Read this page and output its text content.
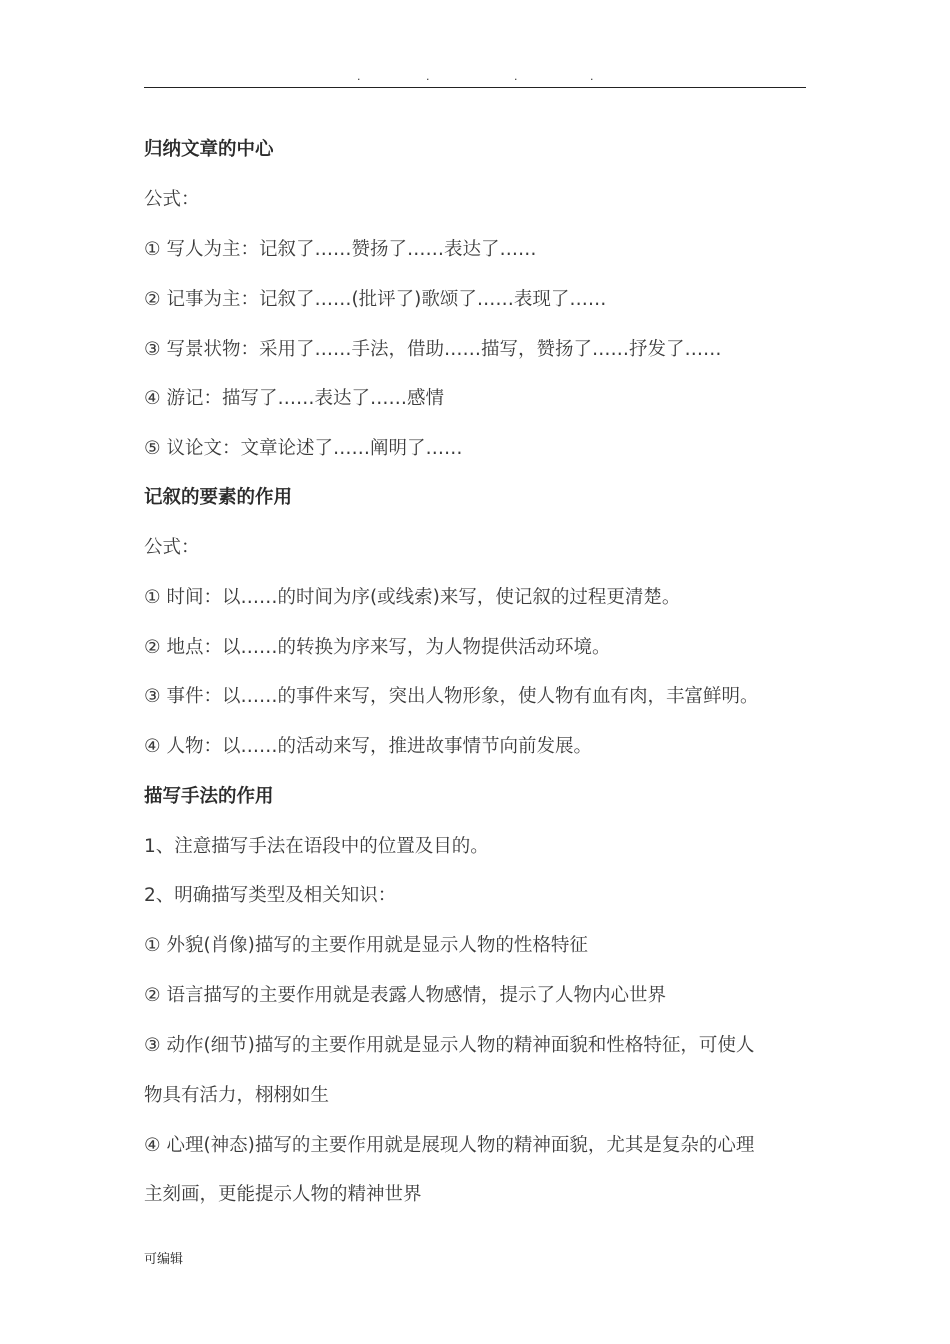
.	.	.	.
归纳文章的中心
公式：
① 写人为主：记叙了……赞扬了……表达了……
② 记事为主：记叙了……(批评了)歌颂了……表现了……
③ 写景状物：采用了……手法，借助……描写，赞扬了……抒发了……
④ 游记：描写了……表达了……感情
⑤ 议论文：文章论述了……阐明了……
记叙的要素的作用
公式：
① 时间：以……的时间为序(或线索)来写，使记叙的过程更清楚。
② 地点：以……的转换为序来写，为人物提供活动环境。
③ 事件：以……的事件来写，突出人物形象，使人物有血有肉，丰富鲜明。
④ 人物：以……的活动来写，推进故事情节向前发展。
描写手法的作用
1、注意描写手法在语段中的位置及目的。
2、明确描写类型及相关知识：
① 外貌(肖像)描写的主要作用就是显示人物的性格特征
② 语言描写的主要作用就是表露人物感情，提示了人物内心世界
③ 动作(细节)描写的主要作用就是显示人物的精神面貌和性格特征，可使人
物具有活力，栩栩如生
④ 心理(神态)描写的主要作用就是展现人物的精神面貌，尤其是复杂的心理
主刻画，更能提示人物的精神世界
可编辑
